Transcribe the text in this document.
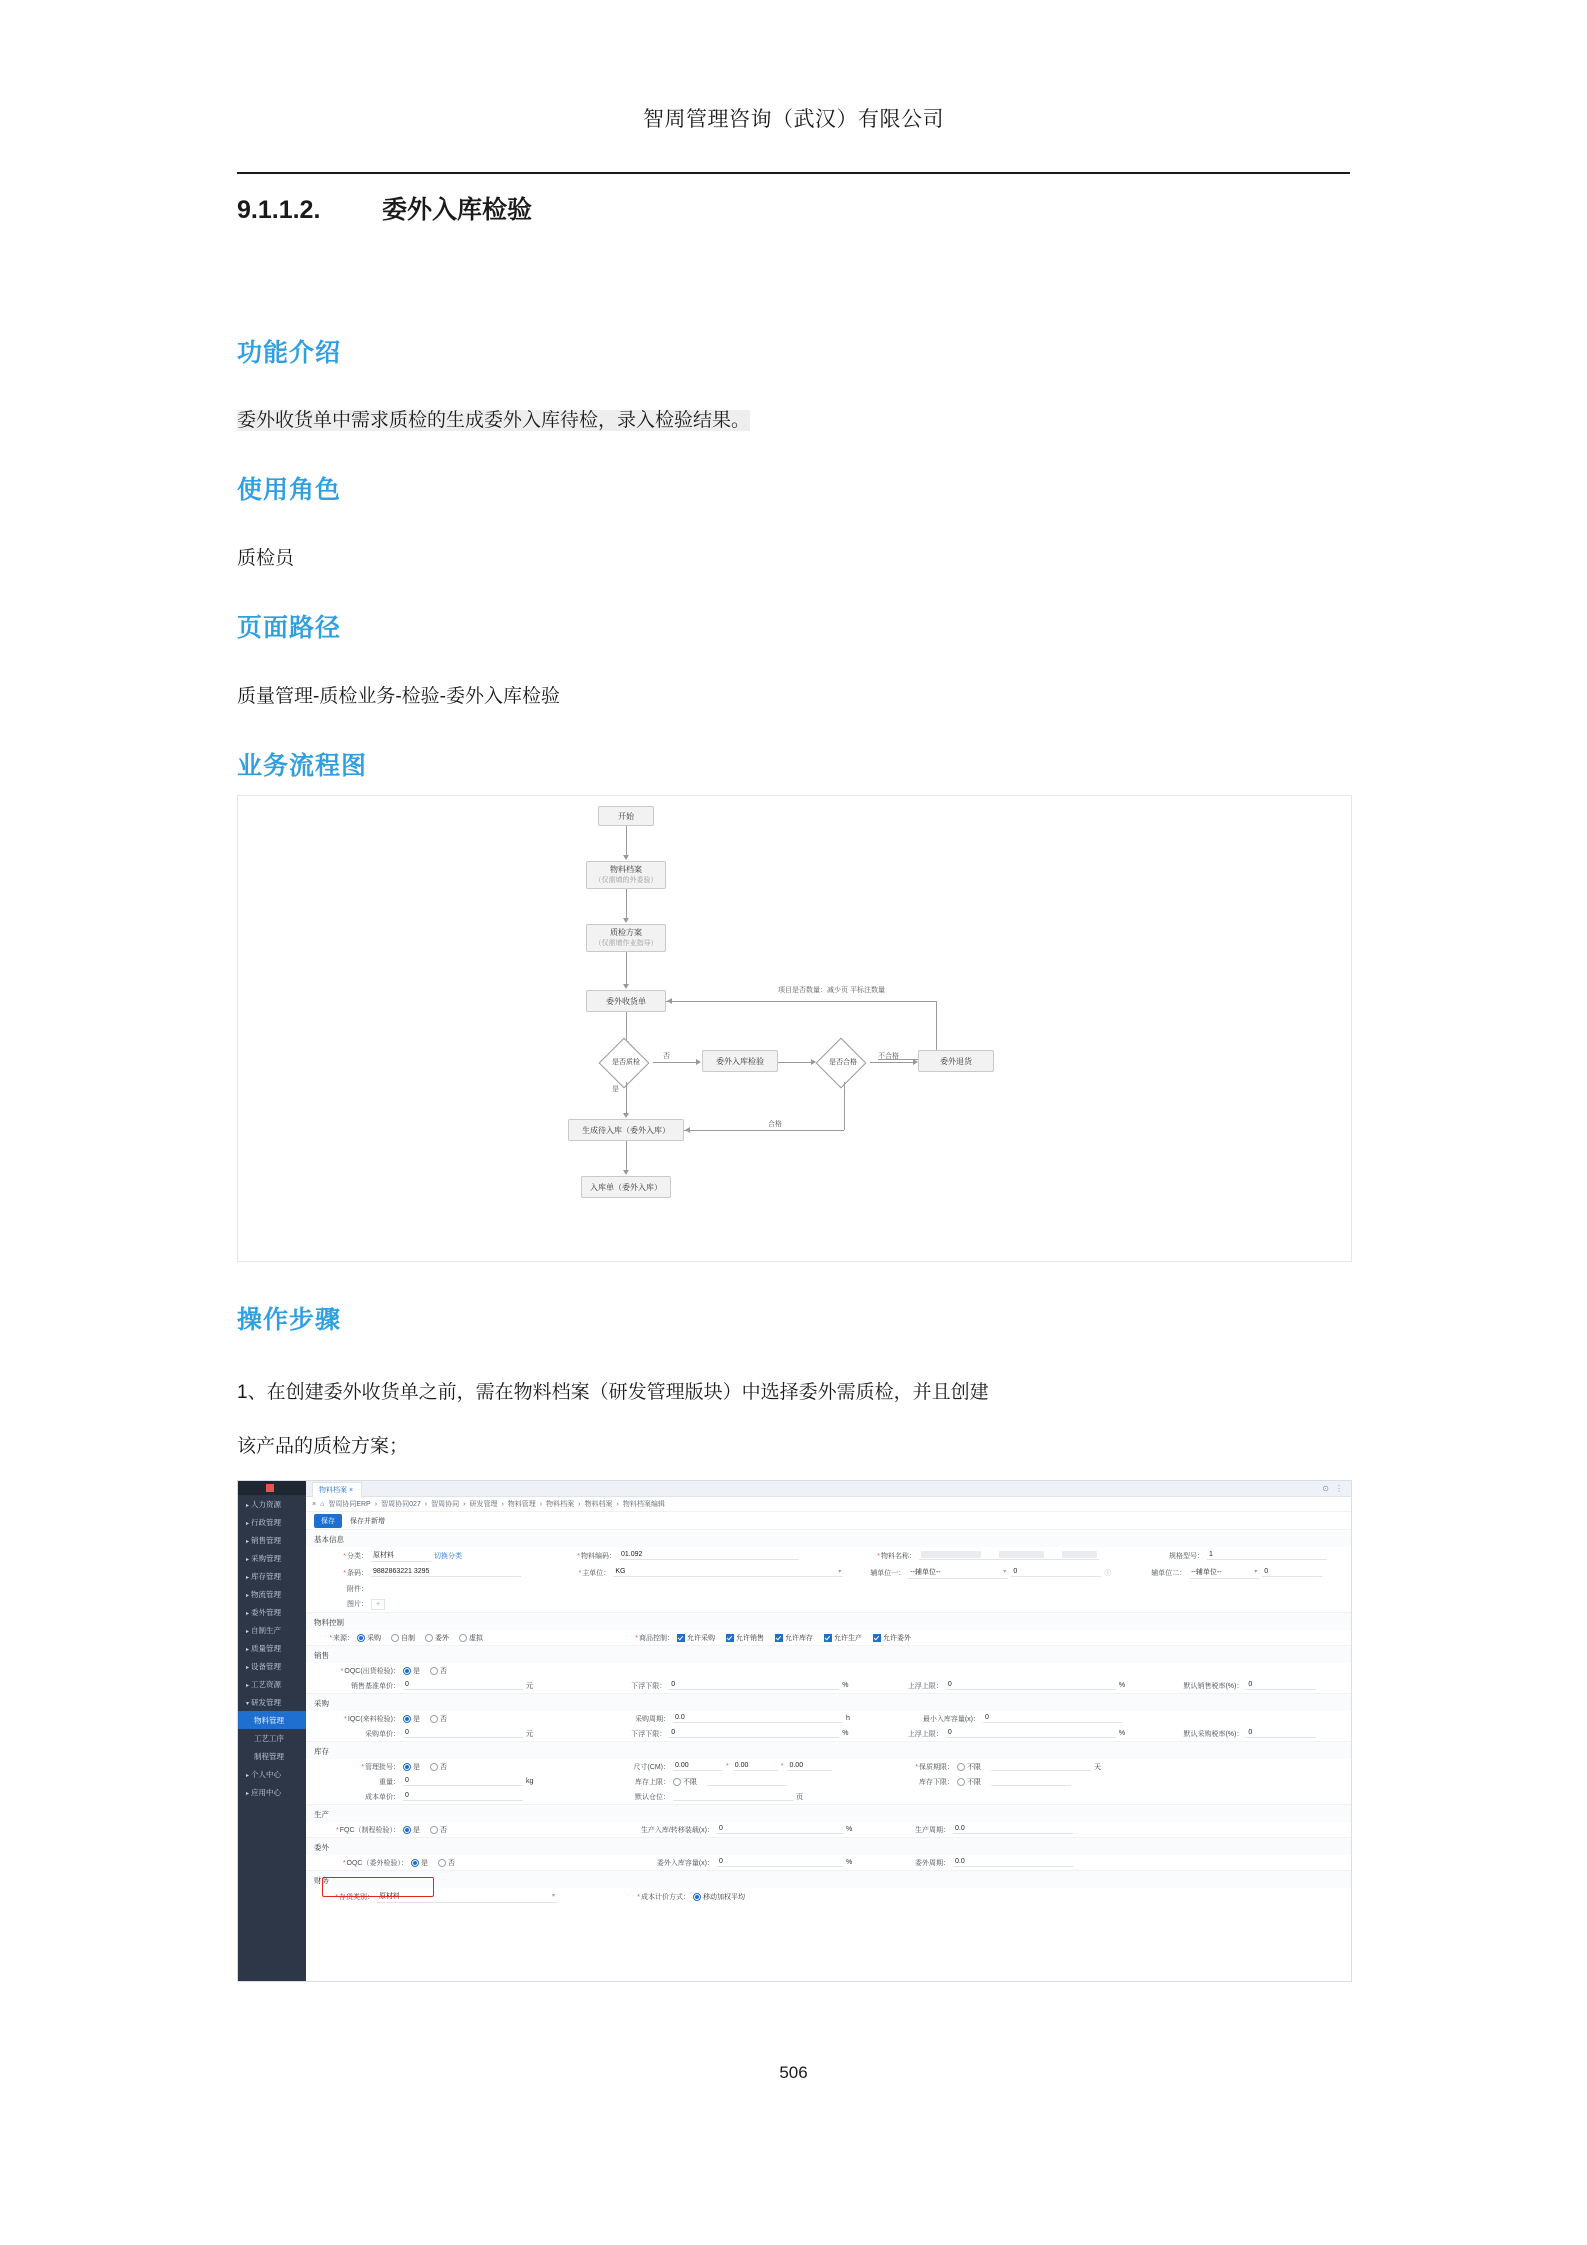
智周管理咨询（武汉）有限公司
9.1.1.2. 委外入库检验
功能介绍
委外收货单中需求质检的生成委外入库待检，录入检验结果。
使用角色
质检员
页面路径
质量管理-质检业务-检验-委外入库检验
业务流程图
开始
物料档案
（仅需填的外委验）
质检方案
（仅需增作业指导）
委外收货单
项目是否数量：减少页 平标注数量
是否质检
否	委外入库检验	是否合格
不合格	委外退货
是
生成待入库（委外入库）
合格
入库单（委外入库）
操作步骤
1、在创建委外收货单之前，需在物料档案（研发管理版块）中选择委外需质检，并且创建
该产品的质检方案；
▸ 人力资源
▸ 行政管理
▸ 销售管理
▸ 采购管理
▸ 库存管理
▸ 物流管理
▸ 委外管理
▸ 自制生产
▸ 质量管理
▸ 设备管理
▸ 工艺资源
▾ 研发管理
物料管理
工艺工序
制程管理
▸ 个人中心
▸ 应用中心
物料档案 ×	⊙ ⋮
× ⌂ 智周协同ERP › 智周协同027 › 智周协同 › 研发管理 › 物料管理 › 物料档案 › 物料档案 › 物料档案编辑
保存	保存并新增
基本信息
*分类： 原材料	切换分类	*物料编码： 01.092	*物料名称：	规格型号： 1
*条码： 9882863221 3295	*主单位： KG	▾	辅单位一： --辅单位--	▾ 0	ⓘ	辅单位二： --辅单位--	▾ 0
附件：
图片：	+
物料控制
*来源： 采购	自制	委外	虚拟	*商品控制： 允许采购	允许销售	允许库存	允许生产	允许委外
销售
*OQC(出货检验)： 是	否
销售基准单价： 0	元	下浮下限： 0	%	上浮上限： 0	%	默认销售税率(%)： 0
采购
*IQC(来料检验)： 是	否	采购周期： 0.0	h	最小入库容量(x)： 0
采购单价： 0	元	下浮下限： 0	%	上浮上限： 0	%	默认采购税率(%)： 0
库存
*管理批号： 是	否	尺寸(CM)： 0.00	* 0.00	* 0.00	*保质期限： 不限	天
重量： 0	kg	库存上限： 不限	库存下限： 不限
成本单价： 0	默认仓位：	页
生产
*FQC（制程检验）： 是	否	生产入库/转移装载(x)： 0	%	生产周期： 0.0
委外
*OQC（委外检验）： 是	否	委外入库容量(x)： 0	%	委外周期： 0.0
财务
*存货类别： 原材料	▾	*成本计价方式： 移动加权平均
506
